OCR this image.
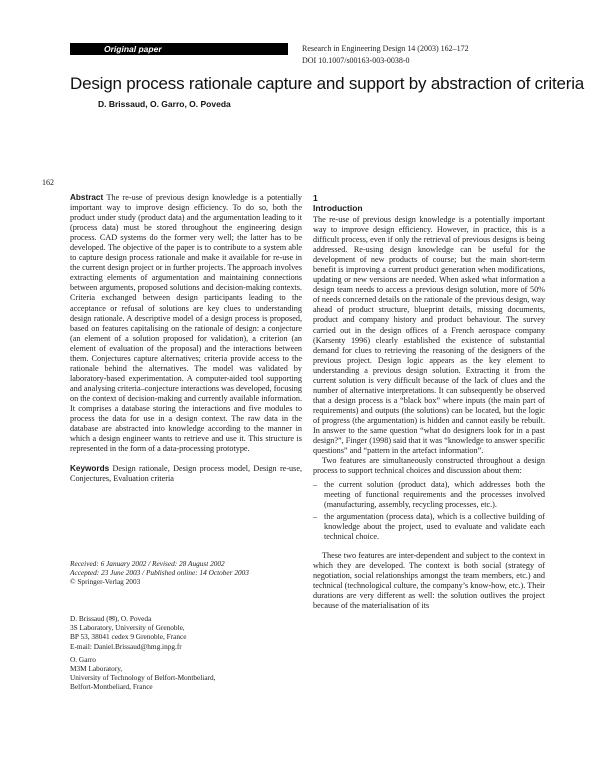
Original paper	Research in Engineering Design 14 (2003) 162–172
DOI 10.1007/s00163-003-0038-0
Design process rationale capture and support by abstraction of criteria
D. Brissaud, O. Garro, O. Poveda
162

Abstract The re-use of previous design knowledge is a potentially important way to improve design efficiency. To do so, both the product under study (product data) and the argumentation leading to it (process data) must be stored throughout the engineering design process. CAD systems do the former very well; the latter has to be developed. The objective of the paper is to contribute to a system able to capture design process rationale and make it available for re-use in the current design project or in further projects. The approach involves extracting elements of argumentation and maintaining connections between arguments, proposed solutions and decision-making contexts. Criteria exchanged between design participants leading to the acceptance or refusal of solutions are key clues to understanding design rationale. A descriptive model of a design process is proposed, based on features capitalising on the rationale of design: a conjecture (an element of a solution proposed for validation), a criterion (an element of evaluation of the proposal) and the interactions between them. Conjectures capture alternatives; criteria provide access to the rationale behind the alternatives. The model was validated by laboratory-based experimentation. A computer-aided tool supporting and analysing criteria–conjecture interactions was developed, focusing on the context of decision-making and currently available information. It comprises a database storing the interactions and five modules to process the data for use in a design context. The raw data in the database are abstracted into knowledge according to the manner in which a design engineer wants to retrieve and use it. This structure is represented in the form of a data-processing prototype.

Keywords Design rationale, Design process model, Design re-use, Conjectures, Evaluation criteria

Received: 6 January 2002 / Revised: 28 August 2002
Accepted: 23 June 2003 / Published online: 14 October 2003
© Springer-Verlag 2003

D. Brissaud (✉), O. Poveda
3S Laboratory, University of Grenoble,
BP 53, 38041 cedex 9 Grenoble, France
E-mail: Daniel.Brissaud@hmg.inpg.fr

O. Garro
M3M Laboratory,
University of Technology of Belfort-Montbeliard,
Belfort-Montbeliard, France

1
Introduction

The re-use of previous design knowledge is a potentially important way to improve design efficiency. However, in practice, this is a difficult process, even if only the retrieval of previous designs is being addressed. Re-using design knowledge can be useful for the development of new products of course; but the main short-term benefit is improving a current product generation when modifications, updating or new versions are needed. When asked what information a design team needs to access a previous design solution, more of 50% of needs concerned details on the rationale of the previous design, way ahead of product structure, blueprint details, missing documents, product and company history and product behaviour. The survey carried out in the design offices of a French aerospace company (Karsenty 1996) clearly established the existence of substantial demand for clues to retrieving the reasoning of the designers of the previous project. Design logic appears as the key element to understanding a previous design solution. Extracting it from the current solution is very difficult because of the lack of clues and the number of alternative interpretations. It can subsequently be observed that a design process is a “black box” where inputs (the main part of requirements) and outputs (the solutions) can be located, but the logic of progress (the argumentation) is hidden and cannot easily be rebuilt. In answer to the same question “what do designers look for in a past design?”, Finger (1998) said that it was “knowledge to answer specific questions” and “pattern in the artefact information”.

Two features are simultaneously constructed throughout a design process to support technical choices and discussion about them:

– the current solution (product data), which addresses both the meeting of functional requirements and the processes involved (manufacturing, assembly, recycling processes, etc.).
– the argumentation (process data), which is a collective building of knowledge about the project, used to evaluate and validate each technical choice.

These two features are inter-dependent and subject to the context in which they are developed. The context is both social (strategy of negotiation, social relationships amongst the team members, etc.) and technical (technological culture, the company’s know-how, etc.). Their durations are very different as well: the solution outlives the project because of the materialisation of its
